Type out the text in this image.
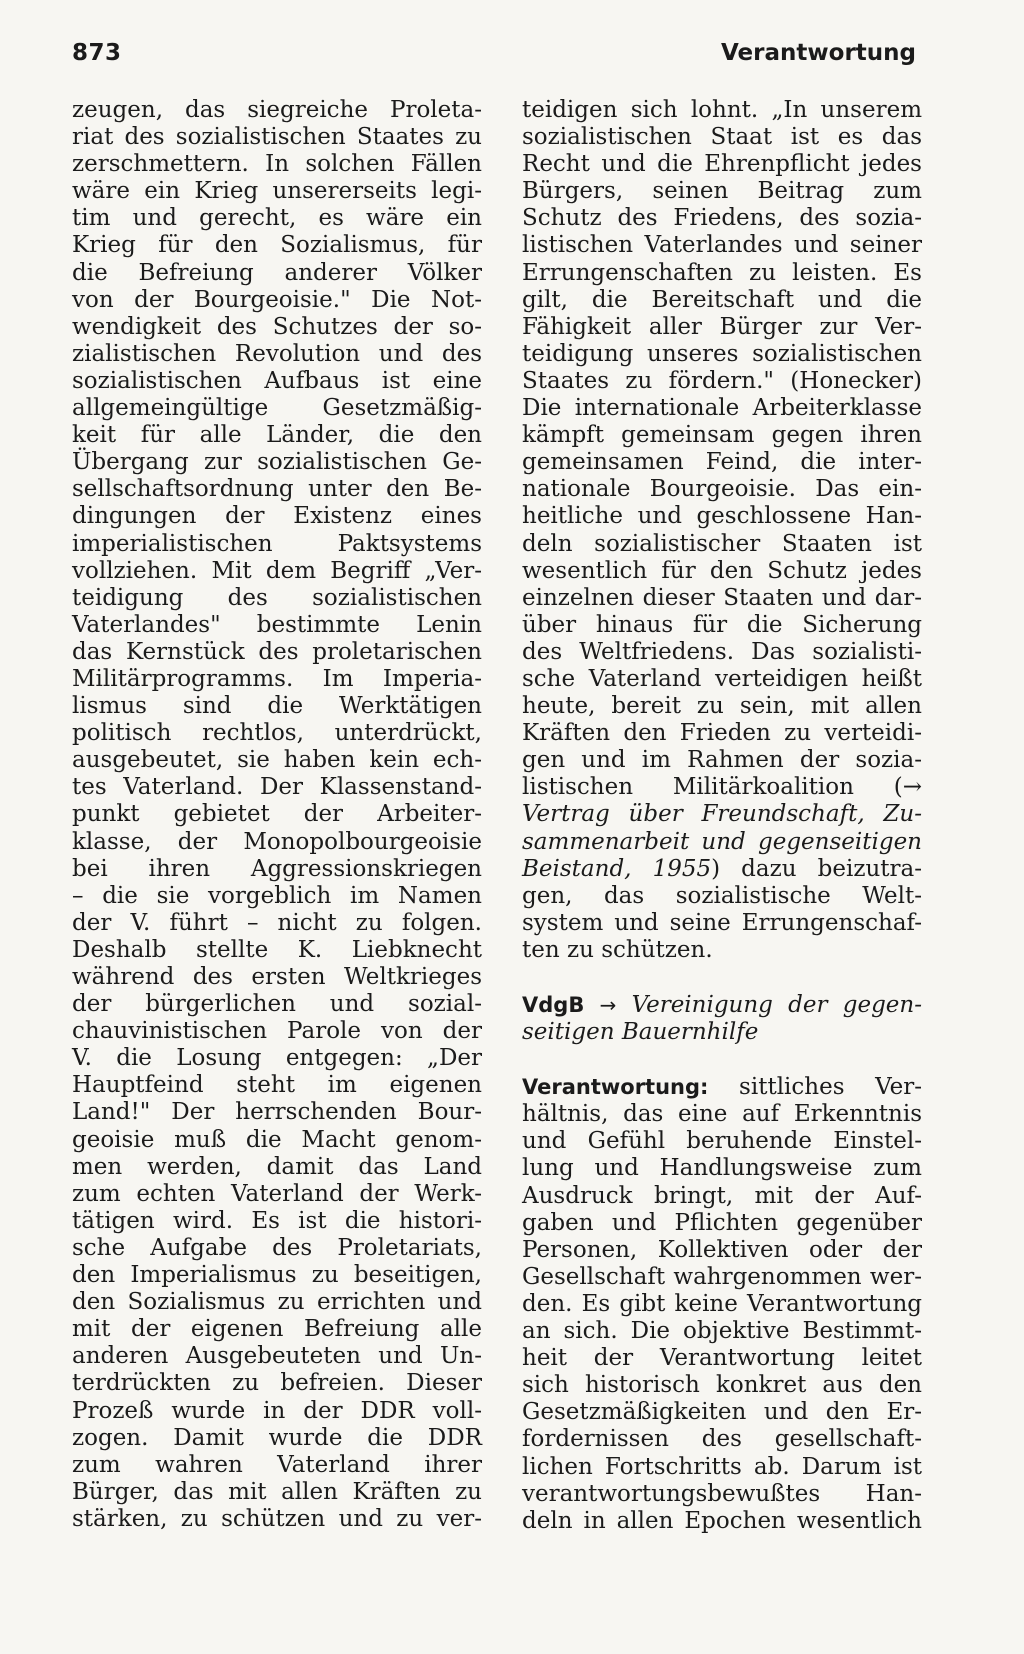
873	Verantwortung
zeugen, das siegreiche Proleta-
riat des sozialistischen Staates zu
zerschmettern. In solchen Fällen
wäre ein Krieg unsererseits legi-
tim und gerecht, es wäre ein
Krieg für den Sozialismus, für
die Befreiung anderer Völker
von der Bourgeoisie." Die Not-
wendigkeit des Schutzes der so-
zialistischen Revolution und des
sozialistischen Aufbaus ist eine
allgemeingültige Gesetzmäßig-
keit für alle Länder, die den
Übergang zur sozialistischen Ge-
sellschaftsordnung unter den Be-
dingungen der Existenz eines
imperialistischen Paktsystems
vollziehen. Mit dem Begriff „Ver-
teidigung des sozialistischen
Vaterlandes" bestimmte Lenin
das Kernstück des proletarischen
Militärprogramms. Im Imperia-
lismus sind die Werktätigen
politisch rechtlos, unterdrückt,
ausgebeutet, sie haben kein ech-
tes Vaterland. Der Klassenstand-
punkt gebietet der Arbeiter-
klasse, der Monopolbourgeoisie
bei ihren Aggressionskriegen
– die sie vorgeblich im Namen
der V. führt – nicht zu folgen.
Deshalb stellte K. Liebknecht
während des ersten Weltkrieges
der bürgerlichen und sozial-
chauvinistischen Parole von der
V. die Losung entgegen: „Der
Hauptfeind steht im eigenen
Land!" Der herrschenden Bour-
geoisie muß die Macht genom-
men werden, damit das Land
zum echten Vaterland der Werk-
tätigen wird. Es ist die histori-
sche Aufgabe des Proletariats,
den Imperialismus zu beseitigen,
den Sozialismus zu errichten und
mit der eigenen Befreiung alle
anderen Ausgebeuteten und Un-
terdrückten zu befreien. Dieser
Prozeß wurde in der DDR voll-
zogen. Damit wurde die DDR
zum wahren Vaterland ihrer
Bürger, das mit allen Kräften zu
stärken, zu schützen und zu ver-
teidigen sich lohnt. „In unserem
sozialistischen Staat ist es das
Recht und die Ehrenpflicht jedes
Bürgers, seinen Beitrag zum
Schutz des Friedens, des sozia-
listischen Vaterlandes und seiner
Errungenschaften zu leisten. Es
gilt, die Bereitschaft und die
Fähigkeit aller Bürger zur Ver-
teidigung unseres sozialistischen
Staates zu fördern." (Honecker)
Die internationale Arbeiterklasse
kämpft gemeinsam gegen ihren
gemeinsamen Feind, die inter-
nationale Bourgeoisie. Das ein-
heitliche und geschlossene Han-
deln sozialistischer Staaten ist
wesentlich für den Schutz jedes
einzelnen dieser Staaten und dar-
über hinaus für die Sicherung
des Weltfriedens. Das sozialisti-
sche Vaterland verteidigen heißt
heute, bereit zu sein, mit allen
Kräften den Frieden zu verteidi-
gen und im Rahmen der sozia-
listischen Militärkoalition (→
Vertrag über Freundschaft, Zu-
sammenarbeit und gegenseitigen
Beistand, 1955) dazu beizutra-
gen, das sozialistische Welt-
system und seine Errungenschaf-
ten zu schützen.
VdgB → Vereinigung der gegen-
seitigen Bauernhilfe
Verantwortung: sittliches Ver-
hältnis, das eine auf Erkenntnis
und Gefühl beruhende Einstel-
lung und Handlungsweise zum
Ausdruck bringt, mit der Auf-
gaben und Pflichten gegenüber
Personen, Kollektiven oder der
Gesellschaft wahrgenommen wer-
den. Es gibt keine Verantwortung
an sich. Die objektive Bestimmt-
heit der Verantwortung leitet
sich historisch konkret aus den
Gesetzmäßigkeiten und den Er-
fordernissen des gesellschaft-
lichen Fortschritts ab. Darum ist
verantwortungsbewußtes Han-
deln in allen Epochen wesentlich
